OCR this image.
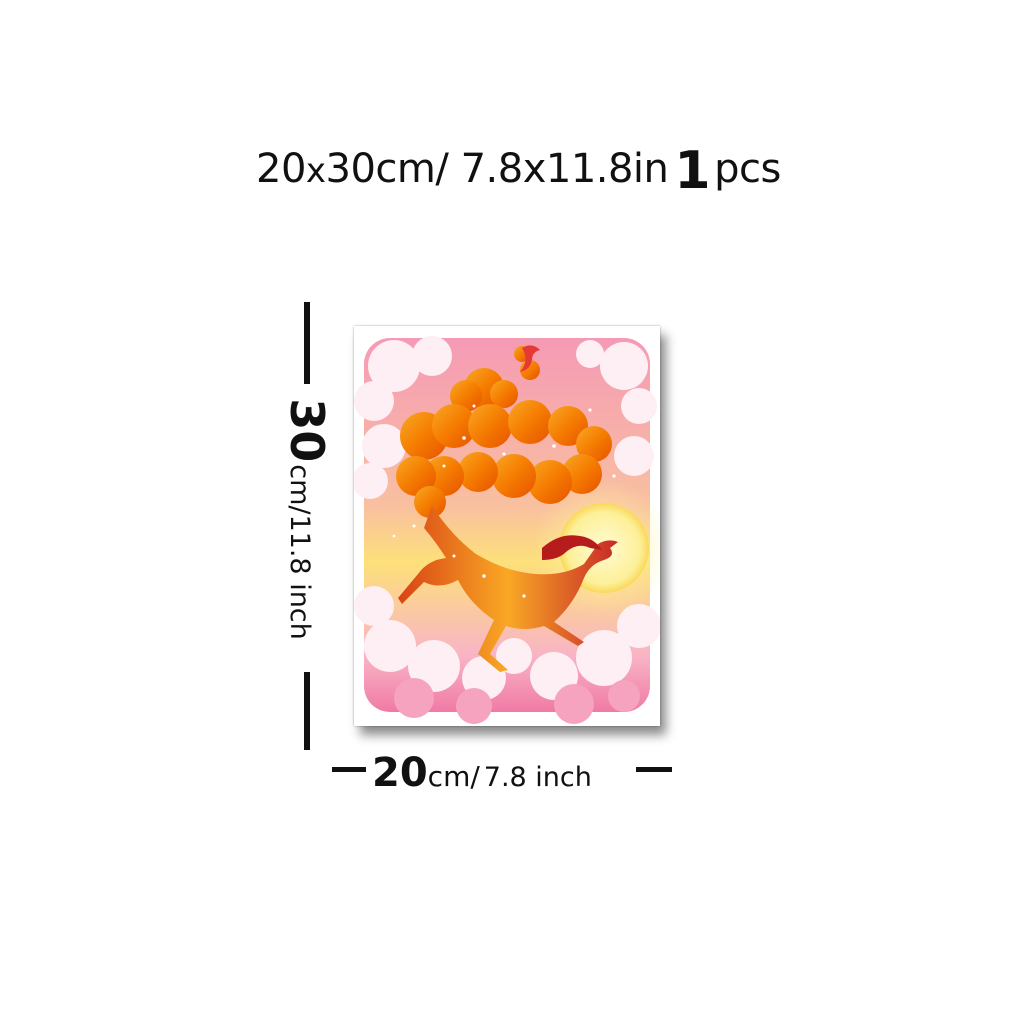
20x30cm/ 7.8x11.8in 1 pcs
30cm/11.8 inch
20cm/ 7.8 inch
